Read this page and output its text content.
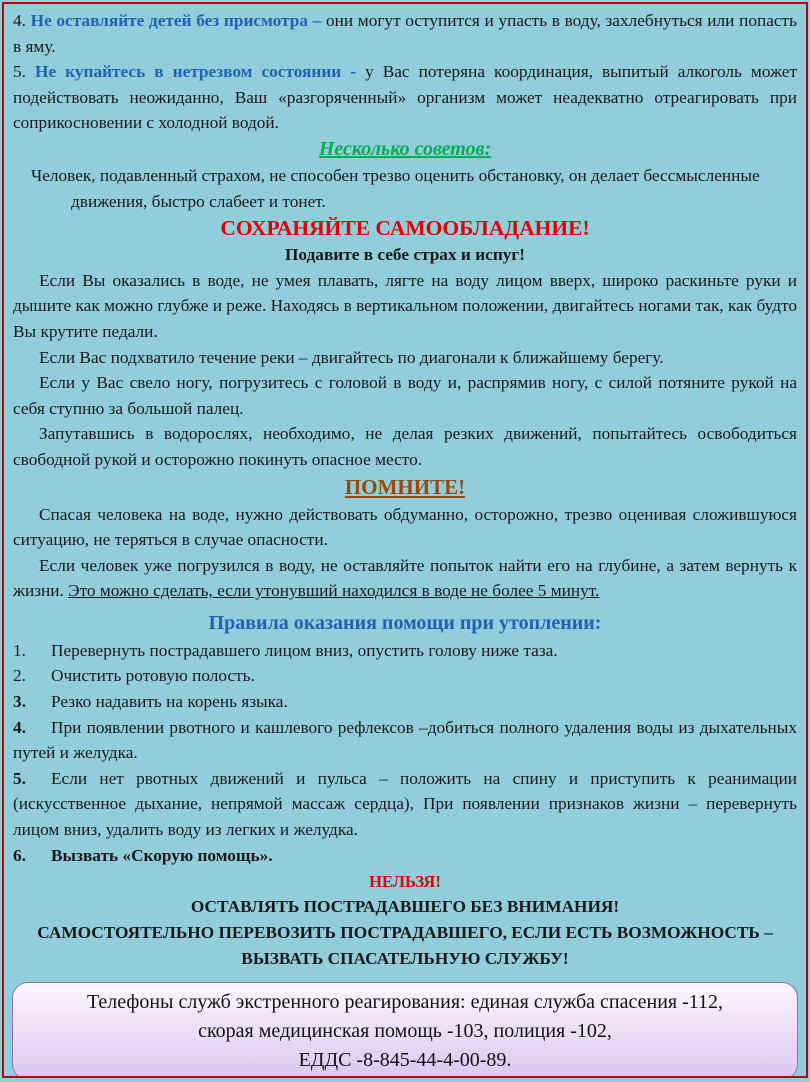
4. Не оставляйте детей без присмотра – они могут оступится и упасть в воду, захлебнуться или попасть в яму.

5. Не купайтесь в нетрезвом состоянии - у Вас потеряна координация, выпитый алкоголь может подействовать неожиданно, Ваш «разгоряченный» организм может неадекватно отреагировать при соприкосновении с холодной водой.

Несколько советов:

Человек, подавленный страхом, не способен трезво оценить обстановку, он делает бессмысленные движения, быстро слабеет и тонет.

СОХРАНЯЙТЕ САМООБЛАДАНИЕ!

Подавите в себе страх и испуг!

Если Вы оказались в воде, не умея плавать, лягте на воду лицом вверх, широко раскиньте руки и дышите как можно глубже и реже. Находясь в вертикальном положении, двигайтесь ногами так, как будто Вы крутите педали.

Если Вас подхватило течение реки – двигайтесь по диагонали к ближайшему берегу.

Если у Вас свело ногу, погрузитесь с головой в воду и, распрямив ногу, с силой потяните рукой на себя ступню за большой палец.

Запутавшись в водорослях, необходимо, не делая резких движений, попытайтесь освободиться свободной рукой и осторожно покинуть опасное место.

ПОМНИТЕ!

Спасая человека на воде, нужно действовать обдуманно, осторожно, трезво оценивая сложившуюся ситуацию, не теряться в случае опасности.

Если человек уже погрузился в воду, не оставляйте попыток найти его на глубине, а затем вернуть к жизни. Это можно сделать, если утонувший находился в воде не более 5 минут.

Правила оказания помощи при утоплении:

1. Перевернуть пострадавшего лицом вниз, опустить голову ниже таза.

2. Очистить ротовую полость.

3. Резко надавить на корень языка.

4. При появлении рвотного и кашлевого рефлексов –добиться полного удаления воды из дыхательных путей и желудка.

5. Если нет рвотных движений и пульса – положить на спину и приступить к реанимации (искусственное дыхание, непрямой массаж сердца), При появлении признаков жизни – перевернуть лицом вниз, удалить воду из легких и желудка.

6. Вызвать «Скорую помощь».

НЕЛЬЗЯ!

ОСТАВЛЯТЬ ПОСТРАДАВШЕГО БЕЗ ВНИМАНИЯ!

САМОСТОЯТЕЛЬНО ПЕРЕВОЗИТЬ ПОСТРАДАВШЕГО, ЕСЛИ ЕСТЬ ВОЗМОЖНОСТЬ –ВЫЗВАТЬ СПАСАТЕЛЬНУЮ СЛУЖБУ!

Телефоны служб экстренного реагирования: единая служба спасения -112,
скорая медицинская помощь -103, полиция -102,
ЕДДС -8-845-44-4-00-89.
